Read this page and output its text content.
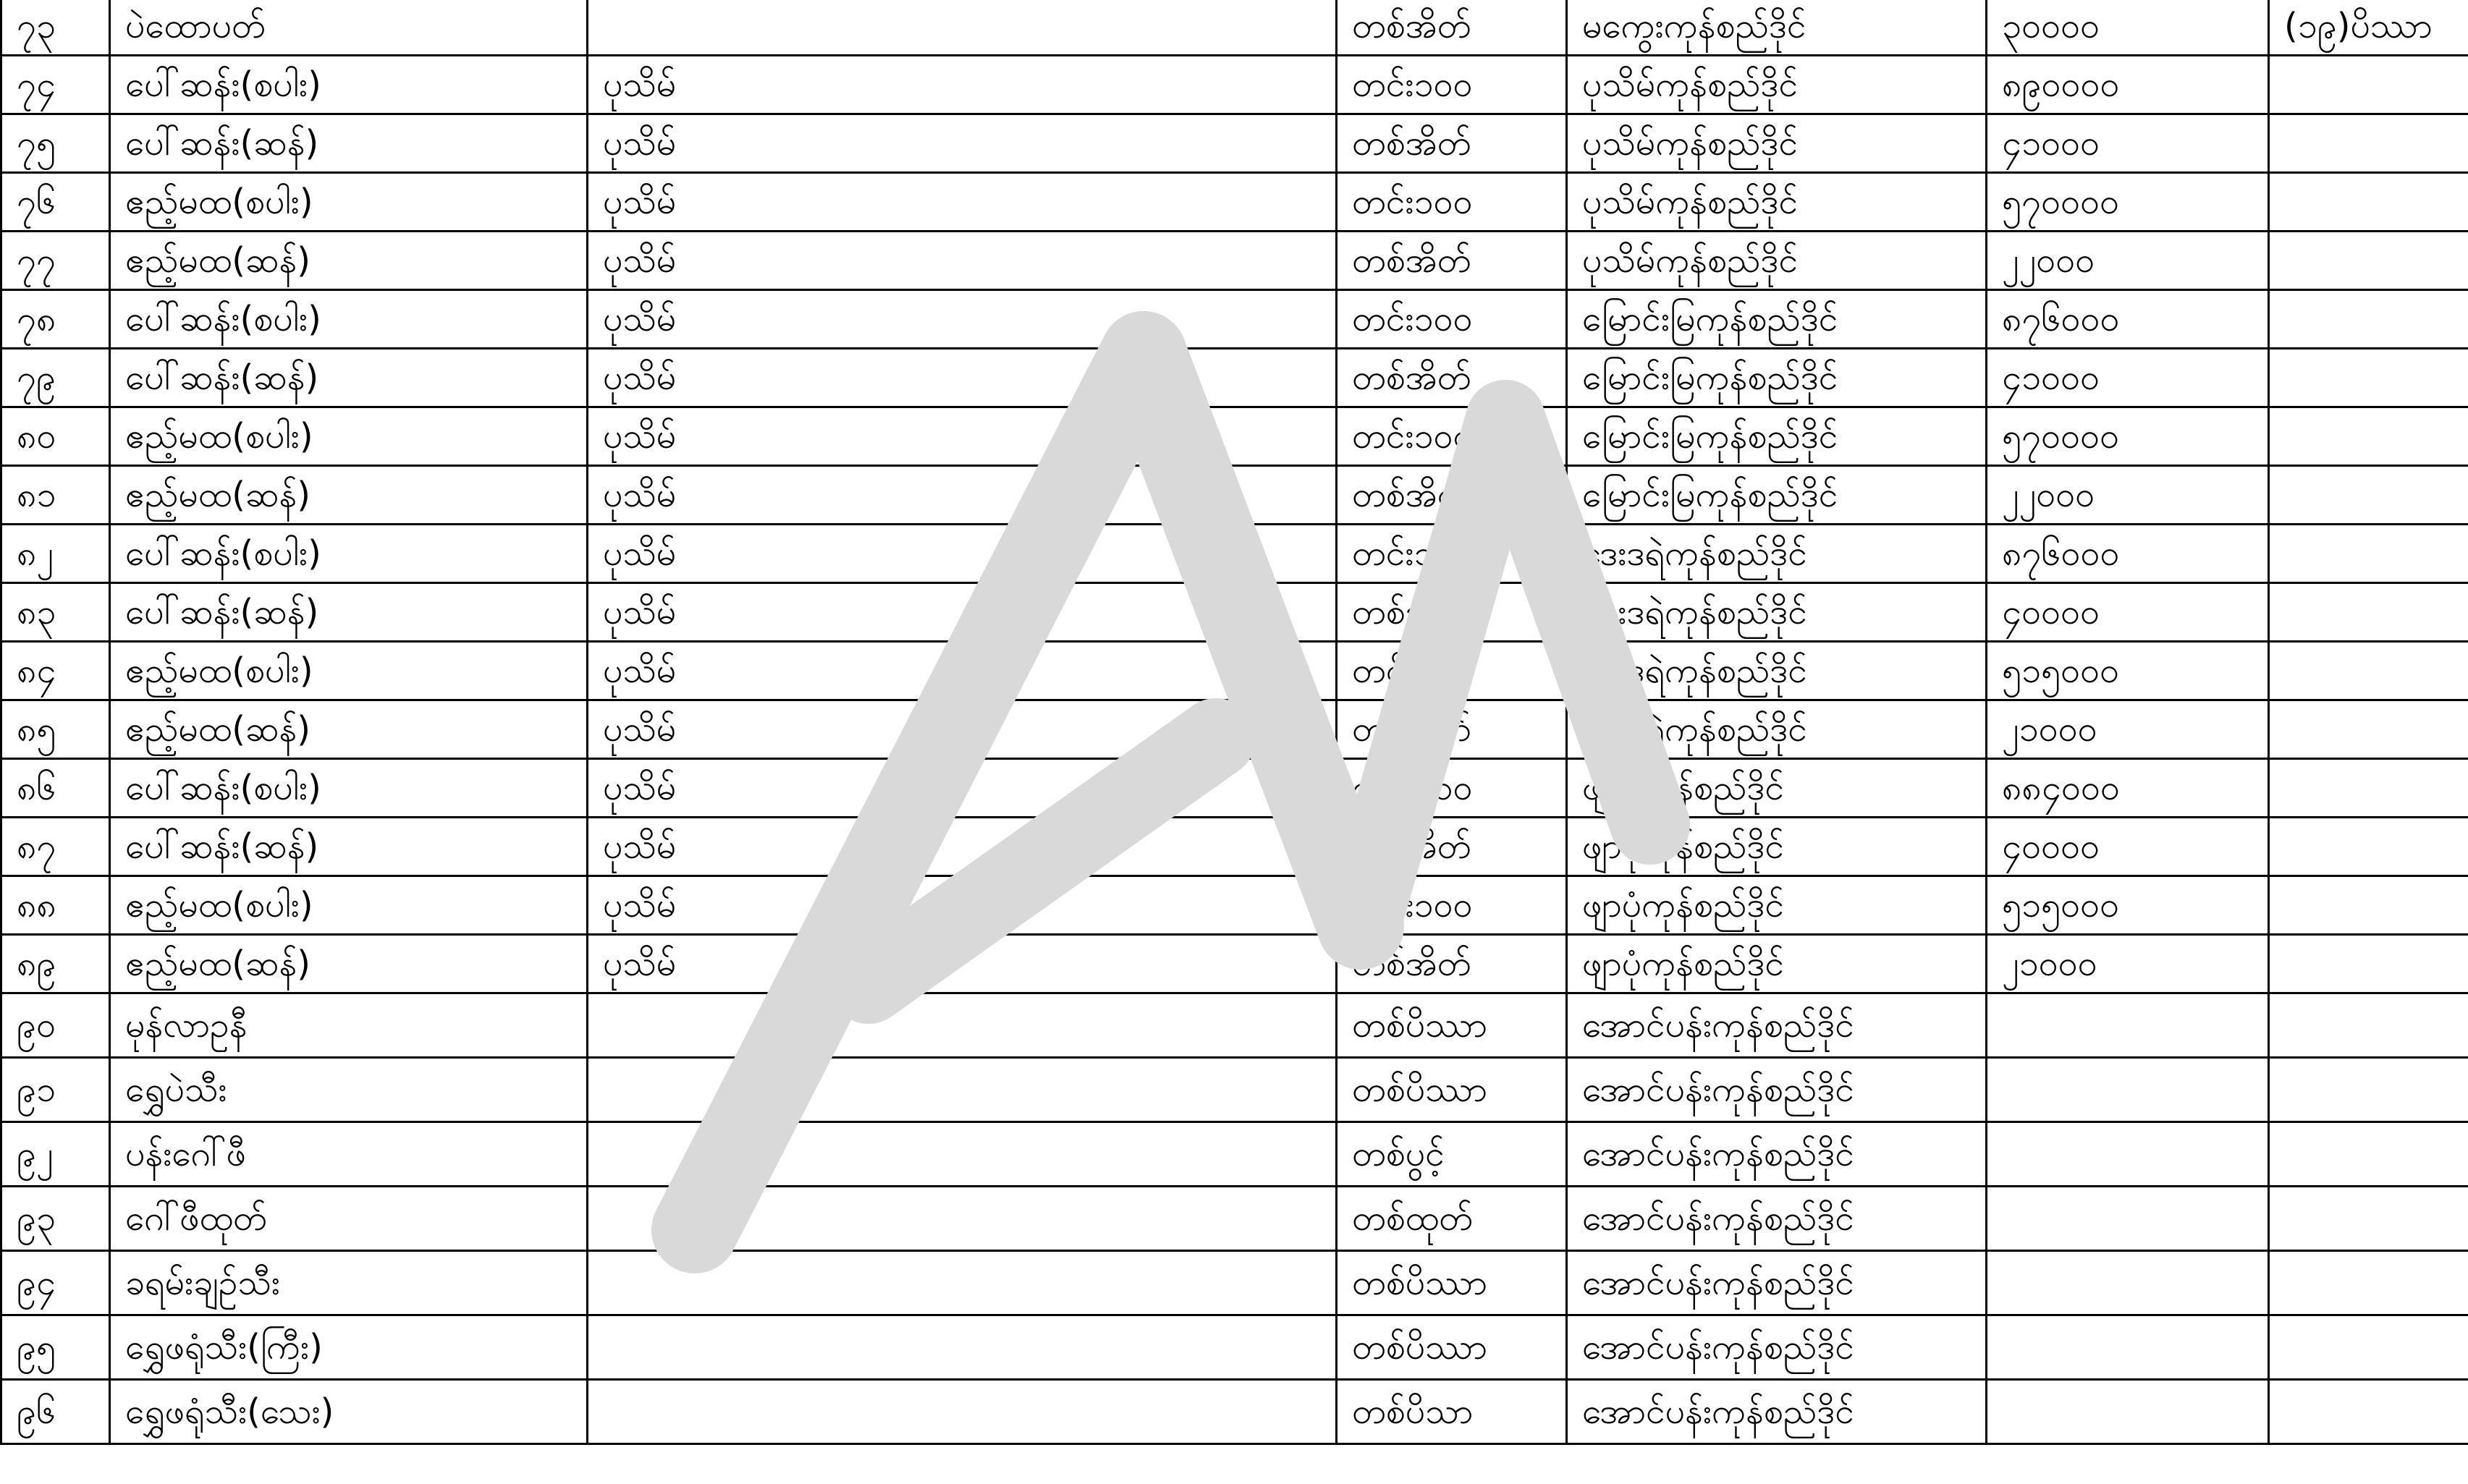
၇၃	ပဲထောပတ်		တစ်အိတ်	မကွေးကုန်စည်ဒိုင်	၃၀၀၀၀	(၁၉)ပိဿာ
၇၄	ပေါ်ဆန်း(စပါး)	ပုသိမ်	တင်း၁၀၀	ပုသိမ်ကုန်စည်ဒိုင်	၈၉၀၀၀၀	
၇၅	ပေါ်ဆန်း(ဆန်)	ပုသိမ်	တစ်အိတ်	ပုသိမ်ကုန်စည်ဒိုင်	၄၁၀၀၀	
၇၆	ဧည့်မထ(စပါး)	ပုသိမ်	တင်း၁၀၀	ပုသိမ်ကုန်စည်ဒိုင်	၅၇၀၀၀၀	
၇၇	ဧည့်မထ(ဆန်)	ပုသိမ်	တစ်အိတ်	ပုသိမ်ကုန်စည်ဒိုင်	၂၂၀၀၀	
၇၈	ပေါ်ဆန်း(စပါး)	ပုသိမ်	တင်း၁၀၀	မြောင်းမြကုန်စည်ဒိုင်	၈၇၆၀၀၀	
၇၉	ပေါ်ဆန်း(ဆန်)	ပုသိမ်	တစ်အိတ်	မြောင်းမြကုန်စည်ဒိုင်	၄၁၀၀၀	
၈၀	ဧည့်မထ(စပါး)	ပုသိမ်	တင်း၁၀၀	မြောင်းမြကုန်စည်ဒိုင်	၅၇၀၀၀၀	
၈၁	ဧည့်မထ(ဆန်)	ပုသိမ်	တစ်အိတ်	မြောင်းမြကုန်စည်ဒိုင်	၂၂၀၀၀	
၈၂	ပေါ်ဆန်း(စပါး)	ပုသိမ်	တင်း၁၀၀	ဒေးဒရဲကုန်စည်ဒိုင်	၈၇၆၀၀၀	
၈၃	ပေါ်ဆန်း(ဆန်)	ပုသိမ်	တစ်အိတ်	ဒေးဒရဲကုန်စည်ဒိုင်	၄၀၀၀၀	
၈၄	ဧည့်မထ(စပါး)	ပုသိမ်	တင်း၁၀၀	ဒေးဒရဲကုန်စည်ဒိုင်	၅၁၅၀၀၀	
၈၅	ဧည့်မထ(ဆန်)	ပုသိမ်	တစ်အိတ်	ဒေးဒရဲကုန်စည်ဒိုင်	၂၁၀၀၀	
၈၆	ပေါ်ဆန်း(စပါး)	ပုသိမ်	တင်း၁၀၀	ဖျာပုံကုန်စည်ဒိုင်	၈၈၄၀၀၀	
၈၇	ပေါ်ဆန်း(ဆန်)	ပုသိမ်	တစ်အိတ်	ဖျာပုံကုန်စည်ဒိုင်	၄၀၀၀၀	
၈၈	ဧည့်မထ(စပါး)	ပုသိမ်	တင်း၁၀၀	ဖျာပုံကုန်စည်ဒိုင်	၅၁၅၀၀၀	
၈၉	ဧည့်မထ(ဆန်)	ပုသိမ်	တစ်အိတ်	ဖျာပုံကုန်စည်ဒိုင်	၂၁၀၀၀	
၉၀	မုန်လာဥနီ		တစ်ပိဿာ	အောင်ပန်းကုန်စည်ဒိုင်		
၉၁	ရွှေပဲသီး		တစ်ပိဿာ	အောင်ပန်းကုန်စည်ဒိုင်		
၉၂	ပန်းဂေါ်ဖီ		တစ်ပွင့်	အောင်ပန်းကုန်စည်ဒိုင်		
၉၃	ဂေါ်ဖီထုတ်		တစ်ထုတ်	အောင်ပန်းကုန်စည်ဒိုင်		
၉၄	ခရမ်းချဉ်သီး		တစ်ပိဿာ	အောင်ပန်းကုန်စည်ဒိုင်		
၉၅	ရွှေဖရုံသီး(ကြီး)		တစ်ပိဿာ	အောင်ပန်းကုန်စည်ဒိုင်		
၉၆	ရွှေဖရုံသီး(သေး)		တစ်ပိသာ	အောင်ပန်းကုန်စည်ဒိုင်		
